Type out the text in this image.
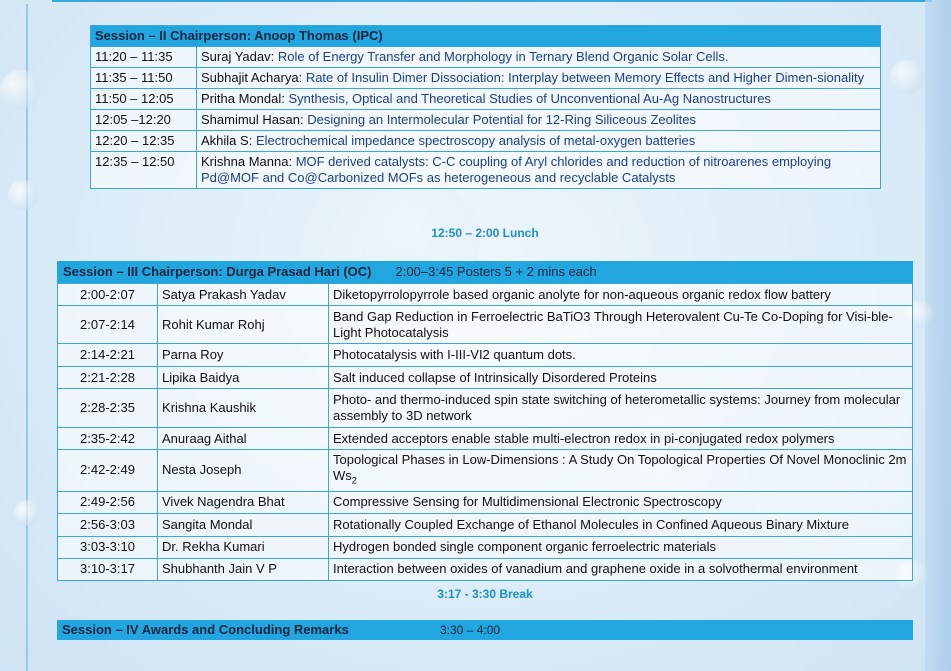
Session – II Chairperson: Anoop Thomas (IPC)	
11:20 – 11:35	Suraj Yadav: Role of Energy Transfer and Morphology in Ternary Blend Organic Solar Cells.
11:35 – 11:50	Subhajit Acharya: Rate of Insulin Dimer Dissociation: Interplay between Memory Effects and Higher Dimen-sionality
11:50 – 12:05	Pritha Mondal: Synthesis, Optical and Theoretical Studies of Unconventional Au-Ag Nanostructures
12:05 –12:20	Shamimul Hasan: Designing an Intermolecular Potential for 12-Ring Siliceous Zeolites
12:20 – 12:35	Akhila S: Electrochemical impedance spectroscopy analysis of metal-oxygen batteries
12:35 – 12:50	Krishna Manna: MOF derived catalysts: C-C coupling of Aryl chlorides and reduction of nitroarenes employing Pd@MOF and Co@Carbonized MOFs as heterogeneous and recyclable Catalysts
12:50 – 2:00 Lunch
Session – III Chairperson: Durga Prasad Hari (OC) 2:00–3:45 Posters 5 + 2 mins each
2:00-2:07	Satya Prakash Yadav	Diketopyrrolopyrrole based organic anolyte for non-aqueous organic redox flow battery
2:07-2:14	Rohit Kumar Rohj	Band Gap Reduction in Ferroelectric BaTiO3 Through Heterovalent Cu-Te Co-Doping for Visi-ble-Light Photocatalysis
2:14-2:21	Parna Roy	Photocatalysis with I-III-VI2 quantum dots.
2:21-2:28	Lipika Baidya	Salt induced collapse of Intrinsically Disordered Proteins
2:28-2:35	Krishna Kaushik	Photo- and thermo-induced spin state switching of heterometallic systems: Journey from molecular assembly to 3D network
2:35-2:42	Anuraag Aithal	Extended acceptors enable stable multi-electron redox in pi-conjugated redox polymers
2:42-2:49	Nesta Joseph	Topological Phases in Low-Dimensions : A Study On Topological Properties Of Novel Monoclinic 2m $Ws_2$
2:49-2:56	Vivek Nagendra Bhat	Compressive Sensing for Multidimensional Electronic Spectroscopy
2:56-3:03	Sangita Mondal	Rotationally Coupled Exchange of Ethanol Molecules in Confined Aqueous Binary Mixture
3:03-3:10	Dr. Rekha Kumari	Hydrogen bonded single component organic ferroelectric materials
3:10-3:17	Shubhanth Jain V P	Interaction between oxides of vanadium and graphene oxide in a solvothermal environment
3:17 - 3:30 Break
Session – IV Awards and Concluding Remarks	3:30 – 4:00
